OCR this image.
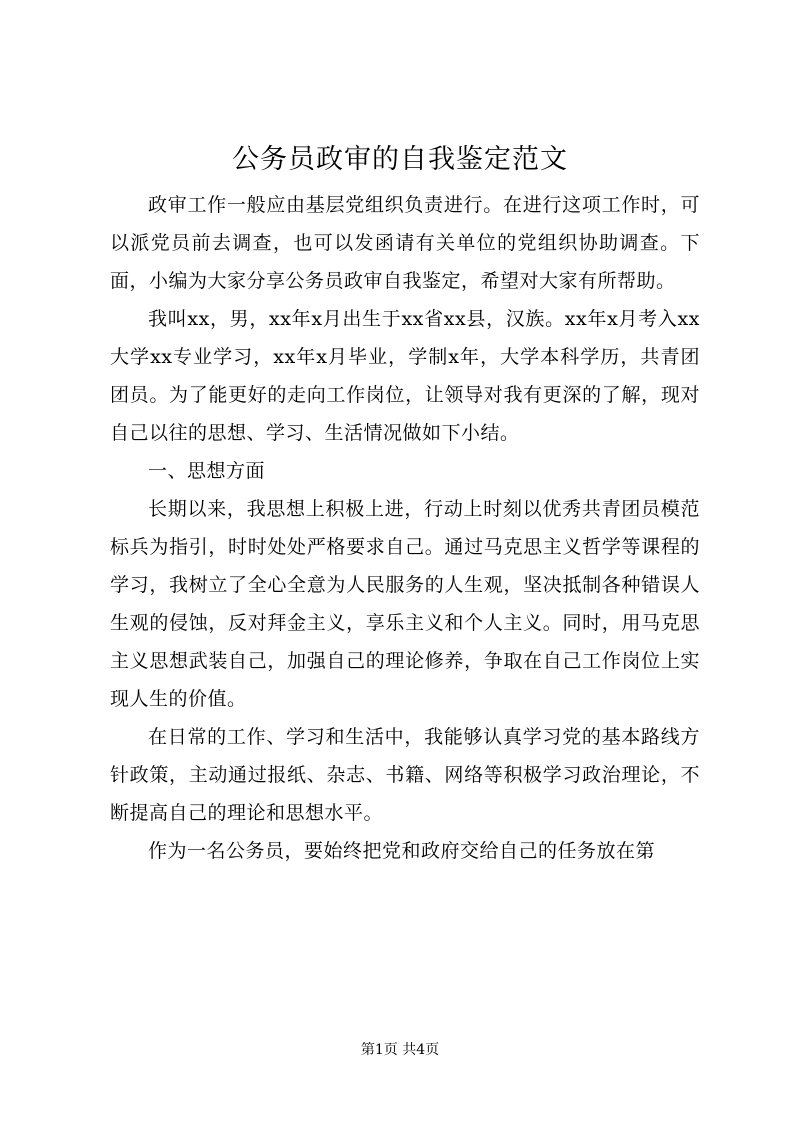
公务员政审的自我鉴定范文

政审工作一般应由基层党组织负责进行。在进行这项工作时，可以派党员前去调查，也可以发函请有关单位的党组织协助调查。下面，小编为大家分享公务员政审自我鉴定，希望对大家有所帮助。

我叫xx，男，xx年x月出生于xx省xx县，汉族。xx年x月考入xx大学xx专业学习，xx年x月毕业，学制x年，大学本科学历，共青团团员。为了能更好的走向工作岗位，让领导对我有更深的了解，现对自己以往的思想、学习、生活情况做如下小结。

一、思想方面

长期以来，我思想上积极上进，行动上时刻以优秀共青团员模范标兵为指引，时时处处严格要求自己。通过马克思主义哲学等课程的学习，我树立了全心全意为人民服务的人生观，坚决抵制各种错误人生观的侵蚀，反对拜金主义，享乐主义和个人主义。同时，用马克思主义思想武装自己，加强自己的理论修养，争取在自己工作岗位上实现人生的价值。

在日常的工作、学习和生活中，我能够认真学习党的基本路线方针政策，主动通过报纸、杂志、书籍、网络等积极学习政治理论，不断提高自己的理论和思想水平。

作为一名公务员，要始终把党和政府交给自己的任务放在第

第1页 共4页
